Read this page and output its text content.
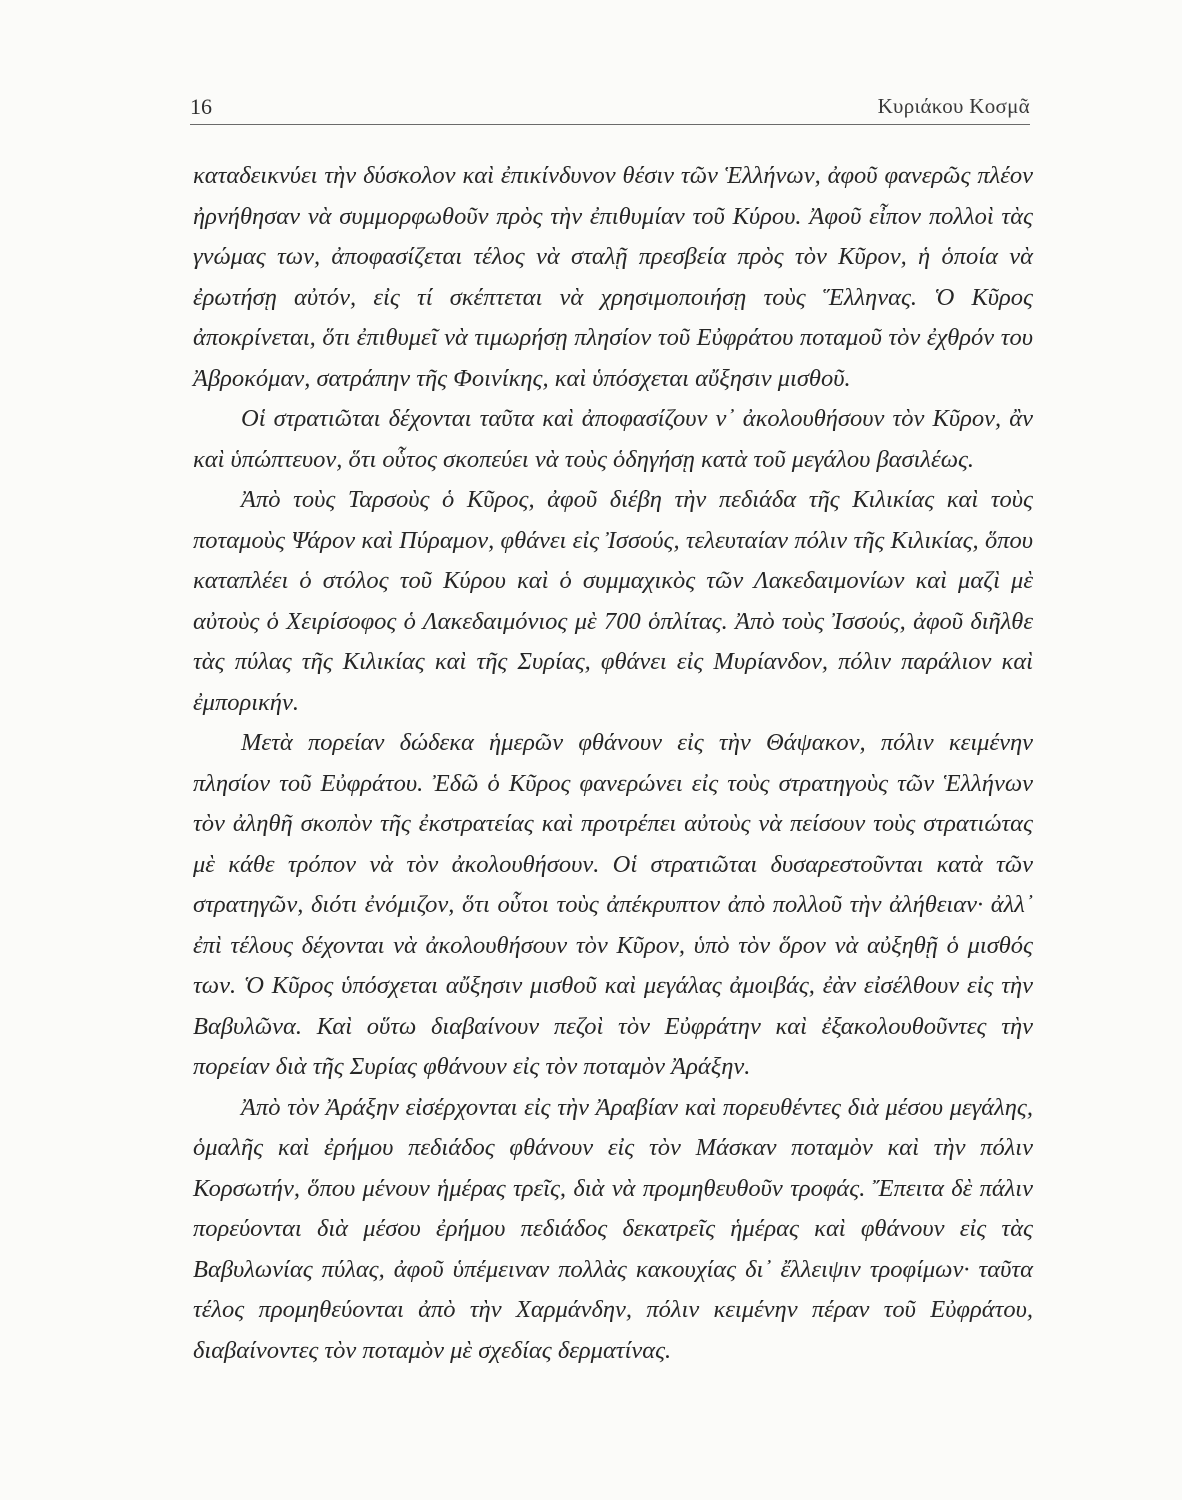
16	Κυριάκου Κοσμᾶ

καταδεικνύει τὴν δύσκολον καὶ ἐπικίνδυνον θέσιν τῶν Ἑλλήνων, ἀφοῦ φανερῶς πλέον ἠρνήθησαν νὰ συμμορφωθοῦν πρὸς τὴν ἐπιθυμίαν τοῦ Κύρου. Ἀφοῦ εἶπον πολλοὶ τὰς γνώμας των, ἀποφασίζεται τέλος νὰ σταλῇ πρεσβεία πρὸς τὸν Κῦρον, ἡ ὁποία νὰ ἐρωτήσῃ αὐτόν, εἰς τί σκέπτεται νὰ χρησιμοποιήσῃ τοὺς Ἕλληνας. Ὁ Κῦρος ἀποκρίνεται, ὅτι ἐπιθυμεῖ νὰ τιμωρήσῃ πλησίον τοῦ Εὐφράτου ποταμοῦ τὸν ἐχθρόν του Ἀβροκόμαν, σατράπην τῆς Φοινίκης, καὶ ὑπόσχεται αὔξησιν μισθοῦ.

Οἱ στρατιῶται δέχονται ταῦτα καὶ ἀποφασίζουν ν᾽ ἀκολουθήσουν τὸν Κῦρον, ἂν καὶ ὑπώπτευον, ὅτι οὗτος σκοπεύει νὰ τοὺς ὁδηγήσῃ κατὰ τοῦ μεγάλου βασιλέως.

Ἀπὸ τοὺς Ταρσοὺς ὁ Κῦρος, ἀφοῦ διέβη τὴν πεδιάδα τῆς Κιλικίας καὶ τοὺς ποταμοὺς Ψάρον καὶ Πύραμον, φθάνει εἰς Ἰσσούς, τελευταίαν πόλιν τῆς Κιλικίας, ὅπου καταπλέει ὁ στόλος τοῦ Κύρου καὶ ὁ συμμαχικὸς τῶν Λακεδαιμονίων καὶ μαζὶ μὲ αὐτοὺς ὁ Χειρίσοφος ὁ Λακεδαιμόνιος μὲ 700 ὁπλίτας. Ἀπὸ τοὺς Ἰσσούς, ἀφοῦ διῆλθε τὰς πύλας τῆς Κιλικίας καὶ τῆς Συρίας, φθάνει εἰς Μυρίανδον, πόλιν παράλιον καὶ ἐμπορικήν.

Μετὰ πορείαν δώδεκα ἡμερῶν φθάνουν εἰς τὴν Θάψακον, πόλιν κειμένην πλησίον τοῦ Εὐφράτου. Ἐδῶ ὁ Κῦρος φανερώνει εἰς τοὺς στρατηγοὺς τῶν Ἑλλήνων τὸν ἀληθῆ σκοπὸν τῆς ἐκστρατείας καὶ προτρέπει αὐτοὺς νὰ πείσουν τοὺς στρατιώτας μὲ κάθε τρόπον νὰ τὸν ἀκολουθήσουν. Οἱ στρατιῶται δυσαρεστοῦνται κατὰ τῶν στρατηγῶν, διότι ἐνόμιζον, ὅτι οὗτοι τοὺς ἀπέκρυπτον ἀπὸ πολλοῦ τὴν ἀλήθειαν· ἀλλ᾽ ἐπὶ τέλους δέχονται νὰ ἀκολουθήσουν τὸν Κῦρον, ὑπὸ τὸν ὅρον νὰ αὐξηθῇ ὁ μισθός των. Ὁ Κῦρος ὑπόσχεται αὔξησιν μισθοῦ καὶ μεγάλας ἀμοιβάς, ἐὰν εἰσέλθουν εἰς τὴν Βαβυλῶνα. Καὶ οὕτω διαβαίνουν πεζοὶ τὸν Εὐφράτην καὶ ἐξακολουθοῦντες τὴν πορείαν διὰ τῆς Συρίας φθάνουν εἰς τὸν ποταμὸν Ἀράξην.

Ἀπὸ τὸν Ἀράξην εἰσέρχονται εἰς τὴν Ἀραβίαν καὶ πορευθέντες διὰ μέσου μεγάλης, ὁμαλῆς καὶ ἐρήμου πεδιάδος φθάνουν εἰς τὸν Μάσκαν ποταμὸν καὶ τὴν πόλιν Κορσωτήν, ὅπου μένουν ἡμέρας τρεῖς, διὰ νὰ προμηθευθοῦν τροφάς. Ἔπειτα δὲ πάλιν πορεύονται διὰ μέσου ἐρήμου πεδιάδος δεκατρεῖς ἡμέρας καὶ φθάνουν εἰς τὰς Βαβυλωνίας πύλας, ἀφοῦ ὑπέμειναν πολλὰς κακουχίας δι᾽ ἔλλειψιν τροφίμων· ταῦτα τέλος προμηθεύονται ἀπὸ τὴν Χαρμάνδην, πόλιν κειμένην πέραν τοῦ Εὐφράτου, διαβαίνοντες τὸν ποταμὸν μὲ σχεδίας δερματίνας.
